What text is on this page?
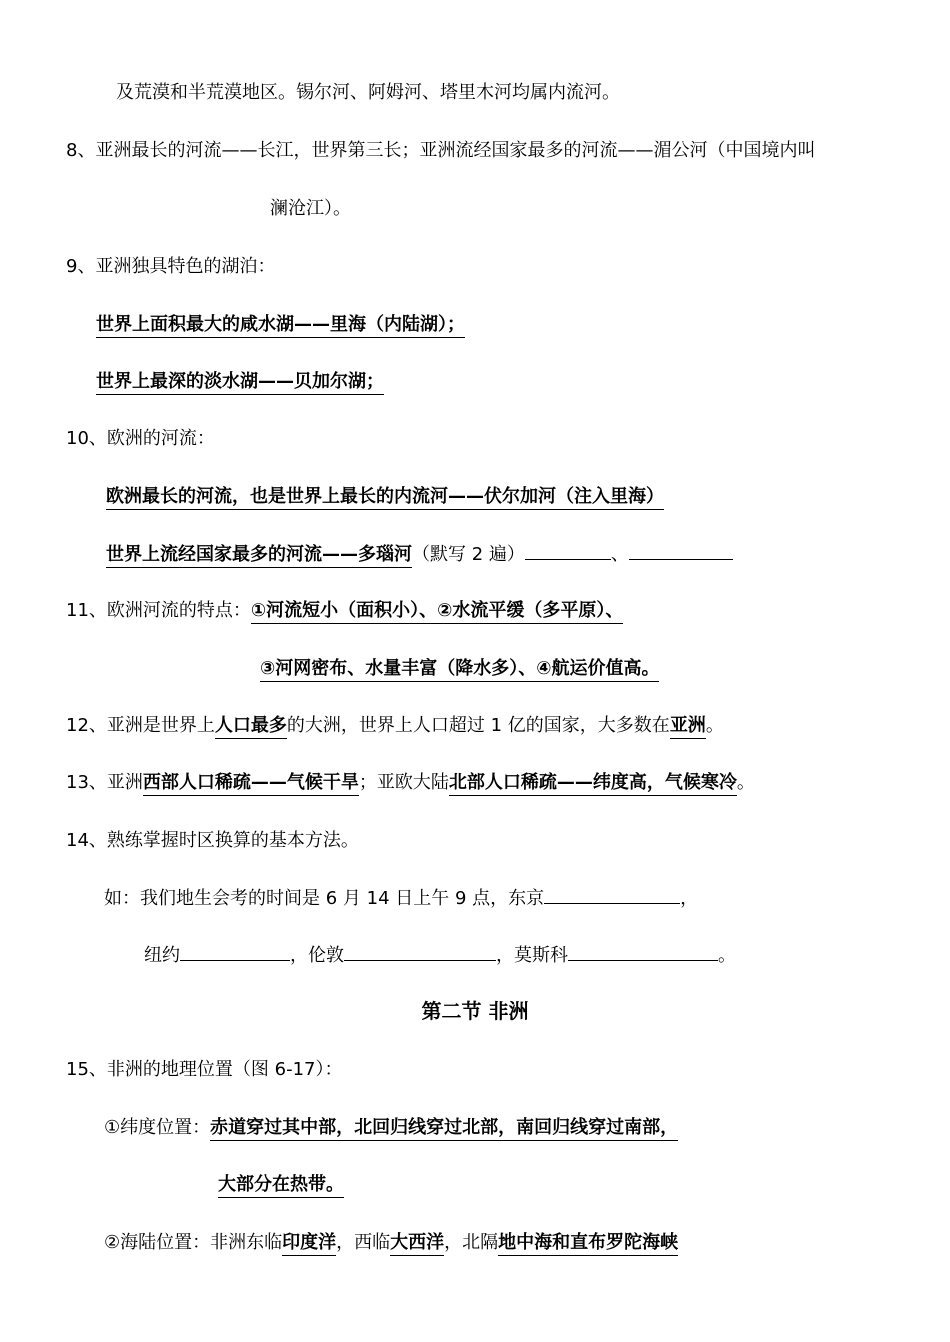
及荒漠和半荒漠地区。锡尔河、阿姆河、塔里木河均属内流河。
8、亚洲最长的河流——长江，世界第三长；亚洲流经国家最多的河流——湄公河（中国境内叫
澜沧江）。
9、亚洲独具特色的湖泊：
世界上面积最大的咸水湖——里海（内陆湖）；
世界上最深的淡水湖——贝加尔湖；
10、欧洲的河流：
欧洲最长的河流，也是世界上最长的内流河——伏尔加河（注入里海）
世界上流经国家最多的河流——多瑙河（默写 2 遍）	、
11、欧洲河流的特点：①河流短小（面积小）、②水流平缓（多平原）、
③河网密布、水量丰富（降水多）、④航运价值高。
12、亚洲是世界上人口最多的大洲，世界上人口超过 1 亿的国家，大多数在亚洲。
13、亚洲西部人口稀疏——气候干旱；亚欧大陆北部人口稀疏——纬度高，气候寒冷。
14、熟练掌握时区换算的基本方法。
如：我们地生会考的时间是 6 月 14 日上午 9 点，东京	，
纽约	，伦敦	，莫斯科	。
第二节 非洲
15、非洲的地理位置（图 6-17）：
①纬度位置：赤道穿过其中部，北回归线穿过北部，南回归线穿过南部，
大部分在热带。
②海陆位置：非洲东临印度洋，西临大西洋，北隔地中海和直布罗陀海峡
